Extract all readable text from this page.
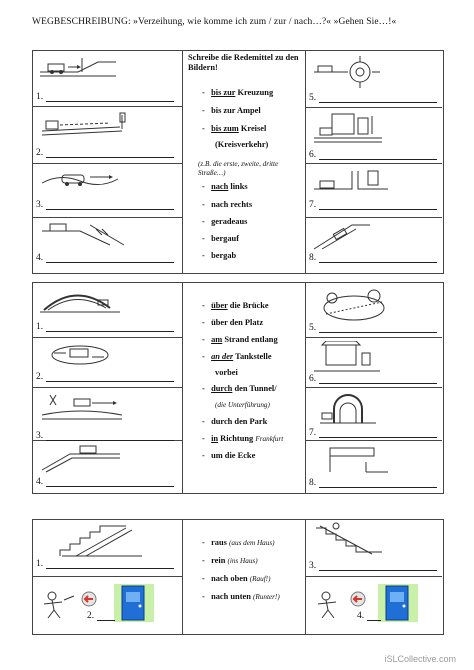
WEGBESCHREIBUNG: »Verzeihung, wie komme ich zum / zur / nach…?« »Gehen Sie…!«
1.
2.
3.
4.
Schreibe die Redemittel zu den Bildern!
-   bis zur Kreuzung
-   bis zur Ampel
-   bis zum Kreisel
(Kreisverkehr)
(z.B. die erste, zweite, dritte Straße…)
-   nach links
-   nach rechts
-   geradeaus
-   bergauf
-   bergab
5.
6.
7.
8.
1.
2.
3.
4.
-   über die Brücke
-   über den Platz
-   am Strand entlang
-   an der Tankstelle
vorbei
-   durch den Tunnel/
(die Unterführung)
-   durch den Park
-   in Richtung Frankfurt
-   um die Ecke
5.
6.
7.
8.
1.
2.
-   raus (aus dem Haus)
-   rein (ins Haus)
-   nach oben (Rauf!)
-   nach unten (Runter!)
3.
4.
iSLCollective.com
